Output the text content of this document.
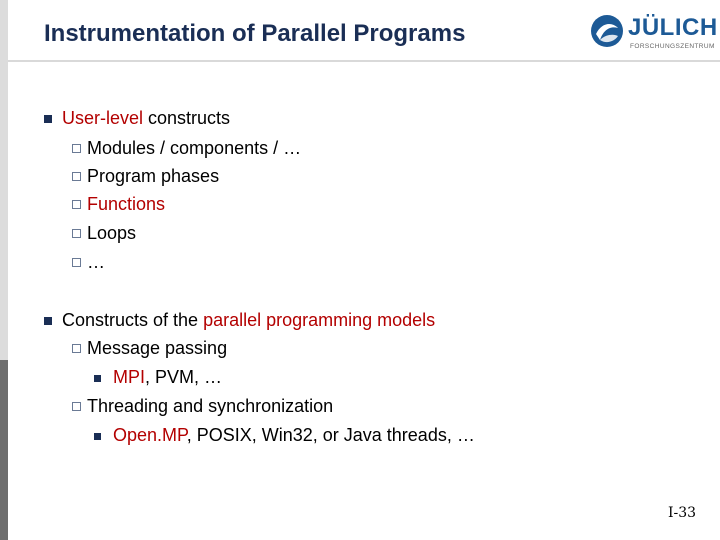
Instrumentation of Parallel Programs	JÜLICH
FORSCHUNGSZENTRUM
User-level constructs
Modules / components / …
Program phases
Functions
Loops
…
Constructs of the parallel programming models
Message passing
MPI, PVM, …
Threading and synchronization
Open.MP, POSIX, Win32, or Java threads, …
I-33
